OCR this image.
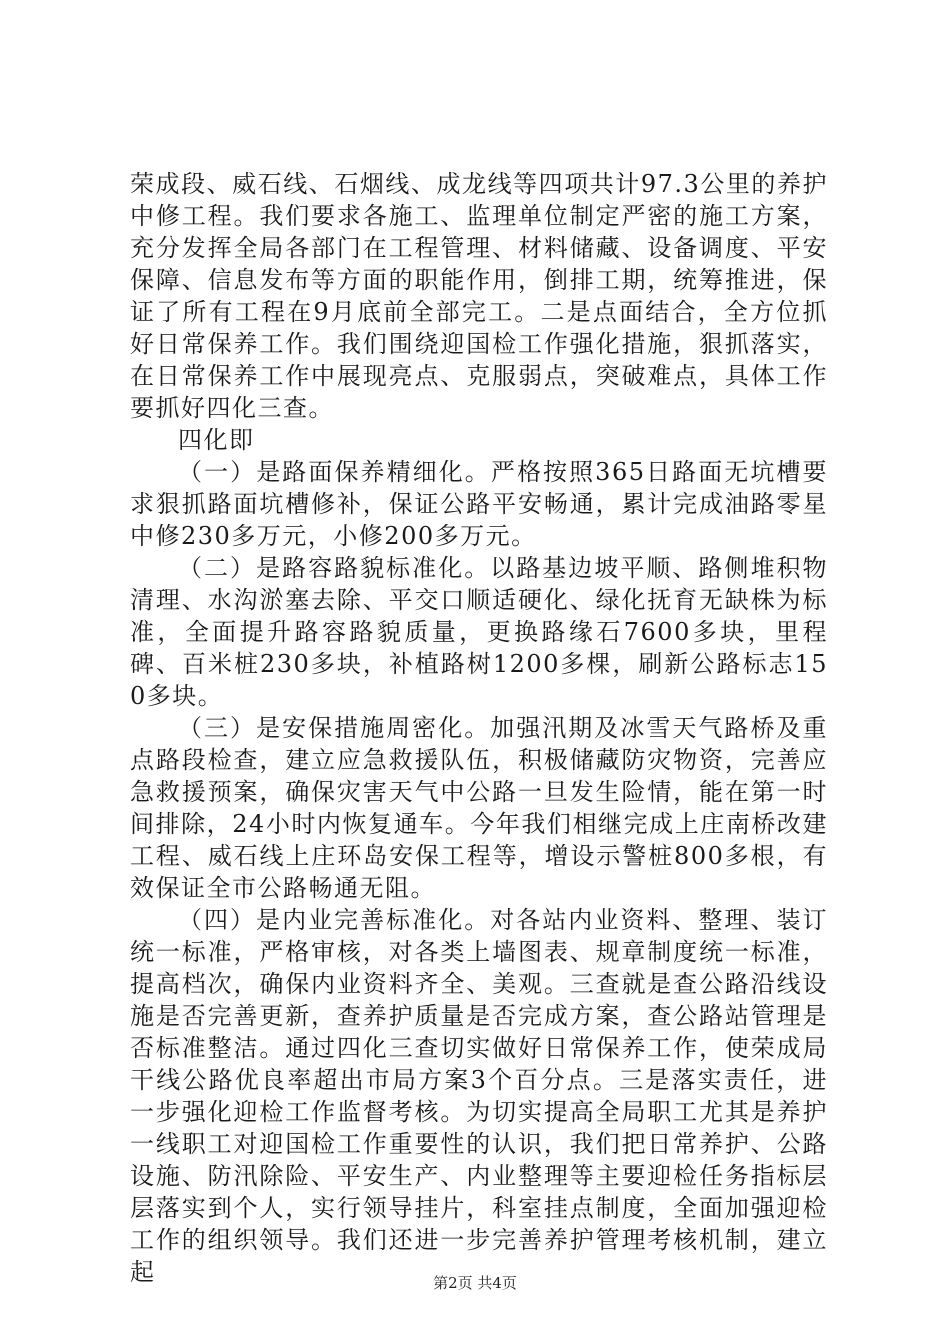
荣成段、威石线、石烟线、成龙线等四项共计97.3公里的养护中修工程。我们要求各施工、监理单位制定严密的施工方案，充分发挥全局各部门在工程管理、材料储藏、设备调度、平安保障、信息发布等方面的职能作用，倒排工期，统筹推进，保证了所有工程在9月底前全部完工。二是点面结合，全方位抓好日常保养工作。我们围绕迎国检工作强化措施，狠抓落实，在日常保养工作中展现亮点、克服弱点，突破难点，具体工作要抓好四化三查。

四化即

（一）是路面保养精细化。严格按照365日路面无坑槽要求狠抓路面坑槽修补，保证公路平安畅通，累计完成油路零星中修230多万元，小修200多万元。

（二）是路容路貌标准化。以路基边坡平顺、路侧堆积物清理、水沟淤塞去除、平交口顺适硬化、绿化抚育无缺株为标准，全面提升路容路貌质量，更换路缘石7600多块，里程碑、百米桩230多块，补植路树1200多棵，刷新公路标志150多块。

（三）是安保措施周密化。加强汛期及冰雪天气路桥及重点路段检查，建立应急救援队伍，积极储藏防灾物资，完善应急救援预案，确保灾害天气中公路一旦发生险情，能在第一时间排除，24小时内恢复通车。今年我们相继完成上庄南桥改建工程、威石线上庄环岛安保工程等，增设示警桩800多根，有效保证全市公路畅通无阻。

（四）是内业完善标准化。对各站内业资料、整理、装订统一标准，严格审核，对各类上墙图表、规章制度统一标准，提高档次，确保内业资料齐全、美观。三查就是查公路沿线设施是否完善更新，查养护质量是否完成方案，查公路站管理是否标准整洁。通过四化三查切实做好日常保养工作，使荣成局干线公路优良率超出市局方案3个百分点。三是落实责任，进一步强化迎检工作监督考核。为切实提高全局职工尤其是养护一线职工对迎国检工作重要性的认识，我们把日常养护、公路设施、防汛除险、平安生产、内业整理等主要迎检任务指标层层落实到个人，实行领导挂片，科室挂点制度，全面加强迎检工作的组织领导。我们还进一步完善养护管理考核机制，建立起	第2页 共4页
